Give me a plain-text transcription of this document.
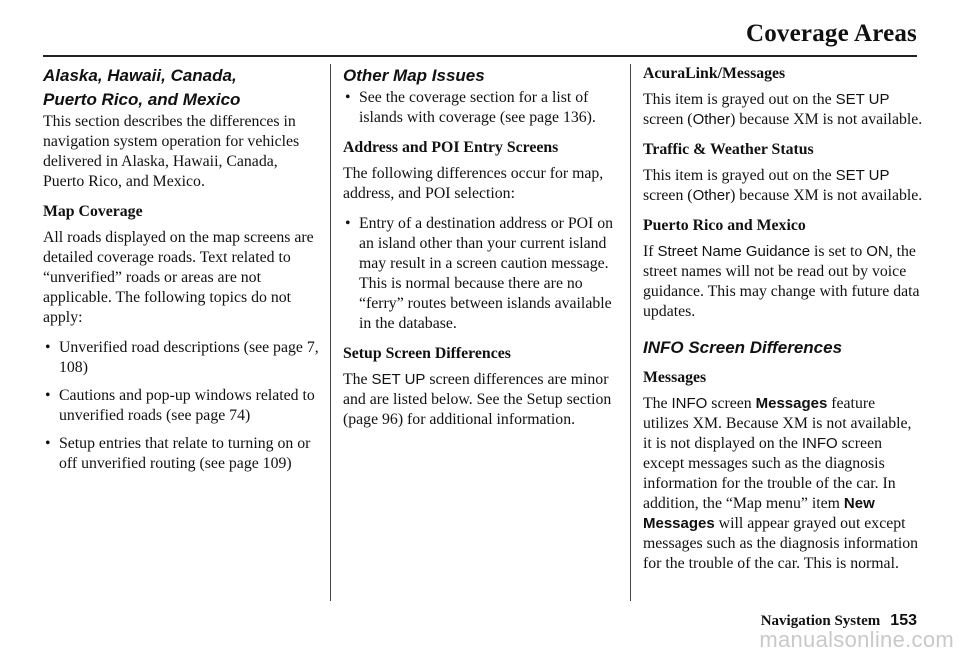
Coverage Areas
Alaska, Hawaii, Canada,
Puerto Rico, and Mexico

This section describes the differences in navigation system operation for vehicles delivered in Alaska, Hawaii, Canada, Puerto Rico, and Mexico.

Map Coverage

All roads displayed on the map screens are detailed coverage roads. Text related to “unverified” roads or areas are not applicable. The following topics do not apply:

• Unverified road descriptions (see page 7, 108)
• Cautions and pop-up windows related to unverified roads (see page 74)
• Setup entries that relate to turning on or off unverified routing (see page 109)
Other Map Issues
• See the coverage section for a list of islands with coverage (see page 136).
Address and POI Entry Screens

The following differences occur for map, address, and POI selection:

• Entry of a destination address or POI on an island other than your current island may result in a screen caution message. This is normal because there are no “ferry” routes between islands available in the database.
Setup Screen Differences

The SET UP screen differences are minor and are listed below. See the Setup section (page 96) for additional information.

AcuraLink/Messages

This item is grayed out on the SET UP screen (Other) because XM is not available.

Traffic & Weather Status

This item is grayed out on the SET UP screen (Other) because XM is not available.

Puerto Rico and Mexico

If Street Name Guidance is set to ON, the street names will not be read out by voice guidance. This may change with future data updates.

INFO Screen Differences
Messages

The INFO screen Messages feature utilizes XM. Because XM is not available, it is not displayed on the INFO screen except messages such as the diagnosis information for the trouble of the car. In addition, the “Map menu” item New Messages will appear grayed out except messages such as the diagnosis information for the trouble of the car. This is normal.

Navigation System 153
manualsonline.com
